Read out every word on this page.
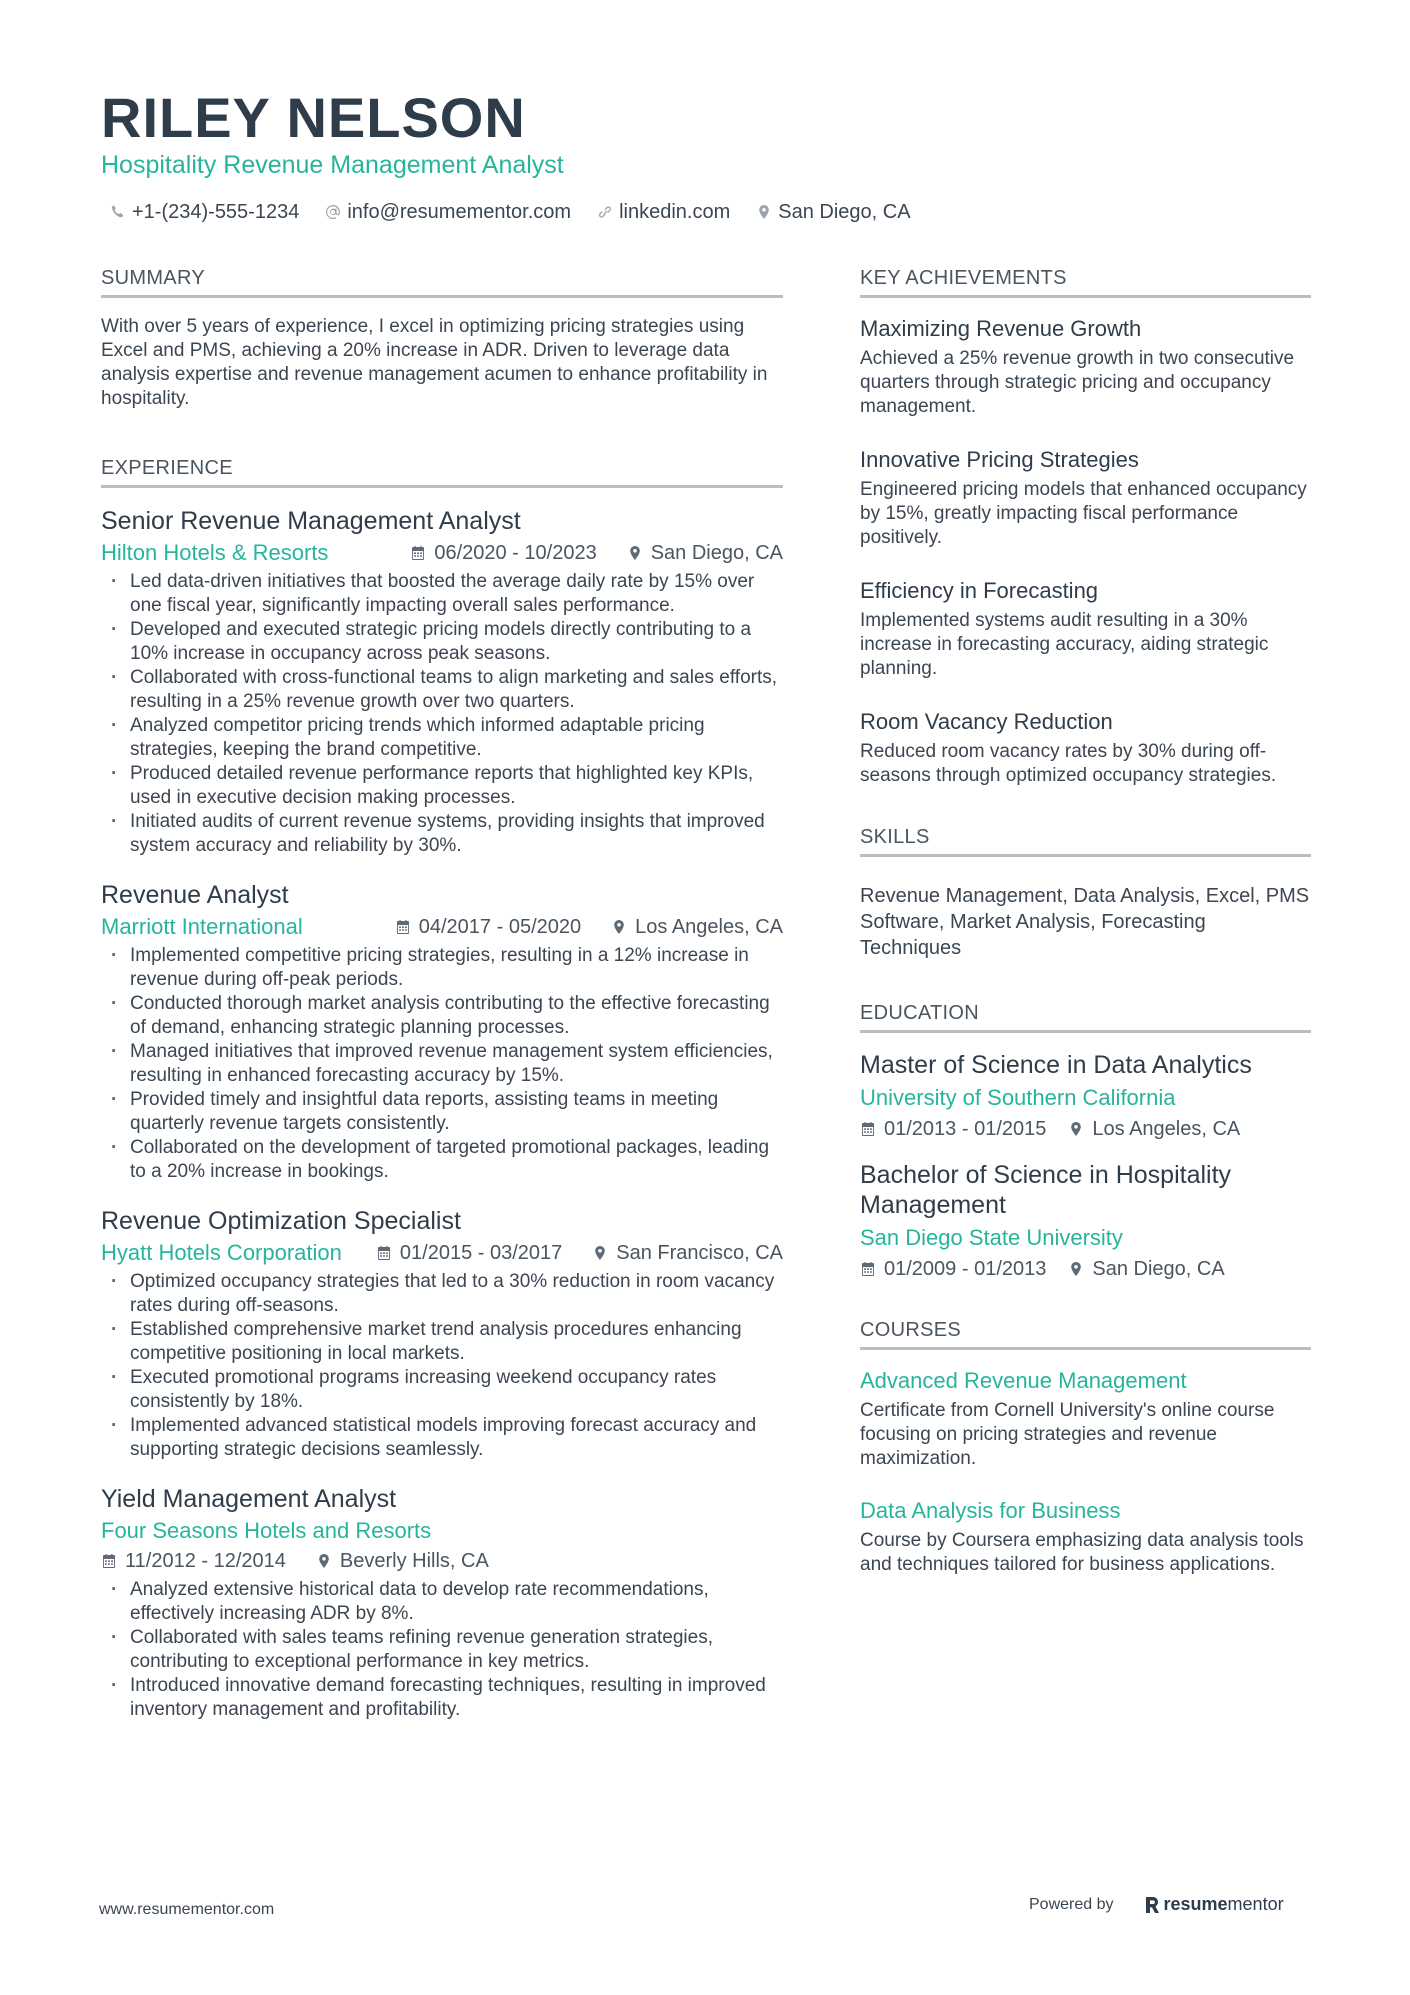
RILEY NELSON
Hospitality Revenue Management Analyst
+1-(234)-555-1234 info@resumementor.com linkedin.com San Diego, CA
SUMMARY
With over 5 years of experience, I excel in optimizing pricing strategies using Excel and PMS, achieving a 20% increase in ADR. Driven to leverage data analysis expertise and revenue management acumen to enhance profitability in hospitality.
EXPERIENCE
Senior Revenue Management Analyst
Hilton Hotels & Resorts	06/2020 - 10/2023	San Diego, CA
· Led data-driven initiatives that boosted the average daily rate by 15% over one fiscal year, significantly impacting overall sales performance.
· Developed and executed strategic pricing models directly contributing to a 10% increase in occupancy across peak seasons.
· Collaborated with cross-functional teams to align marketing and sales efforts, resulting in a 25% revenue growth over two quarters.
· Analyzed competitor pricing trends which informed adaptable pricing strategies, keeping the brand competitive.
· Produced detailed revenue performance reports that highlighted key KPIs, used in executive decision making processes.
· Initiated audits of current revenue systems, providing insights that improved system accuracy and reliability by 30%.
Revenue Analyst
Marriott International	04/2017 - 05/2020	Los Angeles, CA
· Implemented competitive pricing strategies, resulting in a 12% increase in revenue during off-peak periods.
· Conducted thorough market analysis contributing to the effective forecasting of demand, enhancing strategic planning processes.
· Managed initiatives that improved revenue management system efficiencies, resulting in enhanced forecasting accuracy by 15%.
· Provided timely and insightful data reports, assisting teams in meeting quarterly revenue targets consistently.
· Collaborated on the development of targeted promotional packages, leading to a 20% increase in bookings.
Revenue Optimization Specialist
Hyatt Hotels Corporation	01/2015 - 03/2017	San Francisco, CA
· Optimized occupancy strategies that led to a 30% reduction in room vacancy rates during off-seasons.
· Established comprehensive market trend analysis procedures enhancing competitive positioning in local markets.
· Executed promotional programs increasing weekend occupancy rates consistently by 18%.
· Implemented advanced statistical models improving forecast accuracy and supporting strategic decisions seamlessly.
Yield Management Analyst
Four Seasons Hotels and Resorts
11/2012 - 12/2014	Beverly Hills, CA
· Analyzed extensive historical data to develop rate recommendations, effectively increasing ADR by 8%.
· Collaborated with sales teams refining revenue generation strategies, contributing to exceptional performance in key metrics.
· Introduced innovative demand forecasting techniques, resulting in improved inventory management and profitability.
KEY ACHIEVEMENTS
Maximizing Revenue Growth
Achieved a 25% revenue growth in two consecutive quarters through strategic pricing and occupancy management.
Innovative Pricing Strategies
Engineered pricing models that enhanced occupancy by 15%, greatly impacting fiscal performance positively.
Efficiency in Forecasting
Implemented systems audit resulting in a 30% increase in forecasting accuracy, aiding strategic planning.
Room Vacancy Reduction
Reduced room vacancy rates by 30% during off-seasons through optimized occupancy strategies.
SKILLS
Revenue Management, Data Analysis, Excel, PMS Software, Market Analysis, Forecasting Techniques
EDUCATION
Master of Science in Data Analytics
University of Southern California
01/2013 - 01/2015 Los Angeles, CA
Bachelor of Science in Hospitality Management
San Diego State University
01/2009 - 01/2013 San Diego, CA
COURSES
Advanced Revenue Management
Certificate from Cornell University's online course focusing on pricing strategies and revenue maximization.
Data Analysis for Business
Course by Coursera emphasizing data analysis tools and techniques tailored for business applications.
www.resumementor.com	Powered by	resume mentor
